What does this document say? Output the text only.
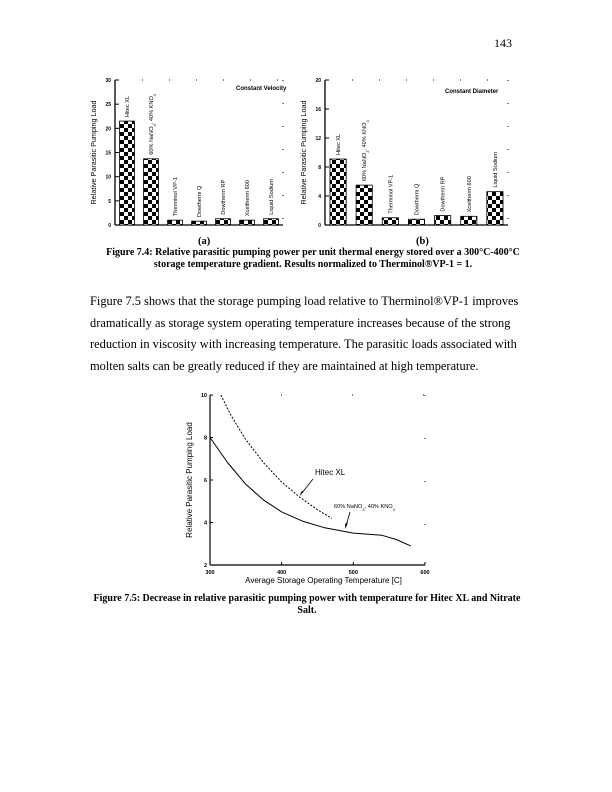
143
0
5
10
15
20
25
30
Relative Parasitic Pumping Load
Constant Velocity
Hitec XL
60% NaNO$_3$, 40% $KNO_3$
Therminol VP-1
Dowtherm Q
Dowtherm RP
Xceltherm 600
Liquid Sodium
0
4
8
12
16
20
Relative Parasitic Pumping Load
Constant Diameter
Hitec XL
60% NaNO$_3$, 40% $KNO_3$
Therminol VP-1
Dowtherm Q
Dowtherm RP
Xceltherm 600
Liquid Sodium
(a)	(b)
Figure 7.4: Relative parasitic pumping power per unit thermal energy stored over a 300°C-400°C storage temperature gradient. Results normalized to Therminol®VP-1 = 1.
Figure 7.5 shows that the storage pumping load relative to Therminol®VP-1 improves dramatically as storage system operating temperature increases because of the strong reduction in viscosity with increasing temperature. The parasitic loads associated with molten salts can be greatly reduced if they are maintained at high temperature.
300	400	500	600
2
4
6
8
10
Average Storage Operating Temperature [C]
Relative Parasitic Pumping Load	Hitec XL
60% NaNO$_3$, 40% $KNO_3$
Figure 7.5: Decrease in relative parasitic pumping power with temperature for Hitec XL and Nitrate Salt.
